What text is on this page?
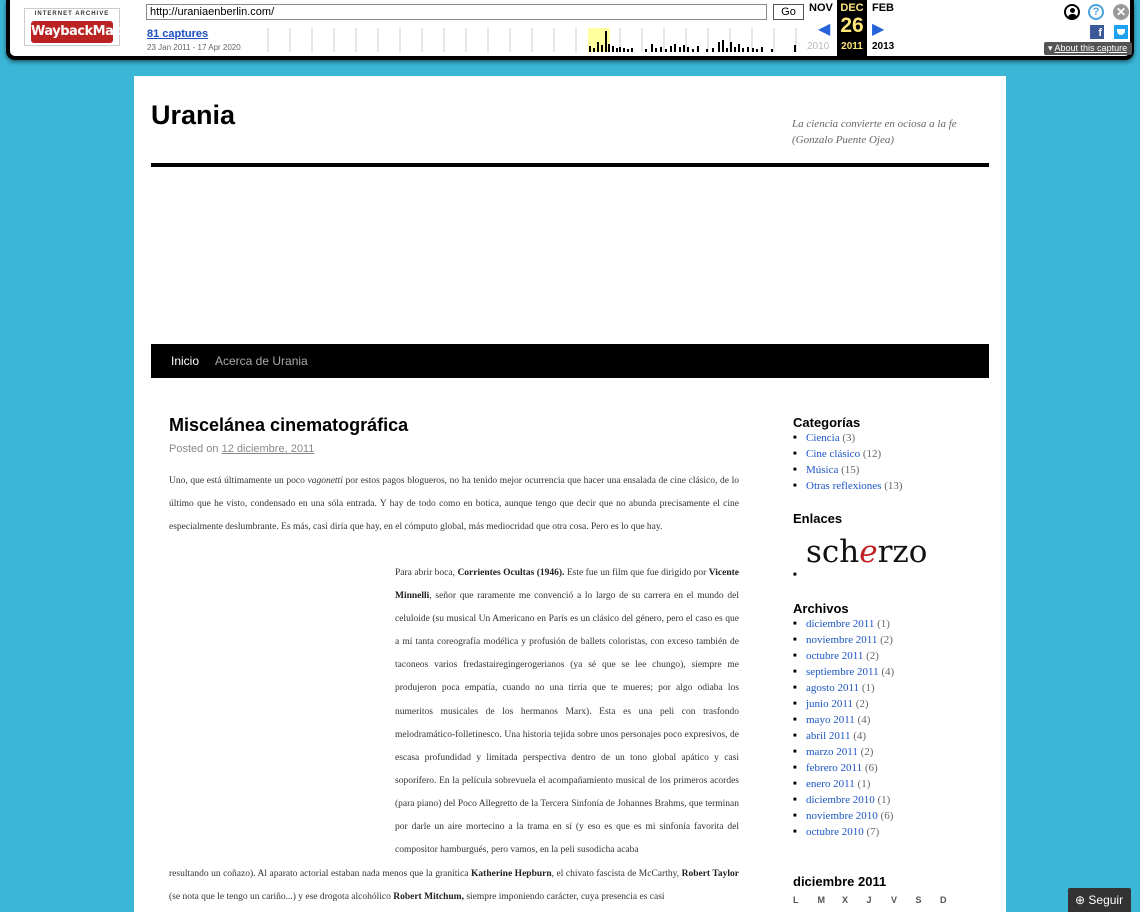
INTERNET ARCHIVE
WaybackMachine
http://uraniaenberlin.com/
Go
81 captures
23 Jan 2011 - 17 Apr 2020
NOV	FEB
◀	▶
DEC
26
2011
2010	2013
?	✕
f
▾ About this capture
Urania	La ciencia convierte en ociosa a la fe (Gonzalo Puente Ojea)
Inicio Acerca de Urania
Miscelánea cinematográfica
Posted on 12 diciembre, 2011
Uno, que está últimamente un poco vagonetti por estos pagos blogueros, no ha tenido mejor ocurrencia que hacer una ensalada de cine clásico, de lo último que he visto, condensado en una sóla entrada. Y hay de todo como en botica, aunque tengo que decir que no abunda precisamente el cine especialmente deslumbrante. Es más, casi diría que hay, en el cómputo global, más mediocridad que otra cosa. Pero es lo que hay.
Para abrir boca, Corrientes Ocultas (1946). Este fue un film que fue dirigido por Vicente Minnelli, señor que raramente me convenció a lo largo de su carrera en el mundo del celuloide (su musical Un Americano en París es un clásico del género, pero el caso es que a mí tanta coreografía modélica y profusión de ballets coloristas, con exceso también de taconeos varios fredastairegingerogerianos (ya sé que se lee chungo), siempre me produjeron poca empatía, cuando no una tirria que te mueres; por algo odiaba los numeritos musicales de los hermanos Marx). Esta es una peli con trasfondo melodramático-folletinesco. Una historia tejida sobre unos personajes poco expresivos, de escasa profundidad y limitada perspectiva dentro de un tono global apático y casi soporífero. En la película sobrevuela el acompañamiento musical de los primeros acordes (para piano) del Poco Allegretto de la Tercera Sinfonía de Johannes Brahms, que terminan por darle un aire mortecino a la trama en sí (y eso es que es mi sinfonía favorita del compositor hamburgués, pero vamos, en la peli susodicha acaba
resultando un coñazo). Al aparato actorial estaban nada menos que la granítica Katherine Hepburn, el chivato fascista de McCarthy, Robert Taylor (se nota que le tengo un cariño...) y ese drogota alcohólico Robert Mitchum, siempre imponiendo carácter, cuya presencia es casi
Categorías
■ Ciencia (3)
■ Cine clásico (12)
■ Música (15)
■ Otras reflexiones (13)
Enlaces
scherzo
■
Archivos
■ diciembre 2011 (1)
■ noviembre 2011 (2)
■ octubre 2011 (2)
■ septiembre 2011 (4)
■ agosto 2011 (1)
■ junio 2011 (2)
■ mayo 2011 (4)
■ abril 2011 (4)
■ marzo 2011 (2)
■ febrero 2011 (6)
■ enero 2011 (1)
■ diciembre 2010 (1)
■ noviembre 2010 (6)
■ octubre 2010 (7)
diciembre 2011
L M X J V S D	⊕ Seguir
